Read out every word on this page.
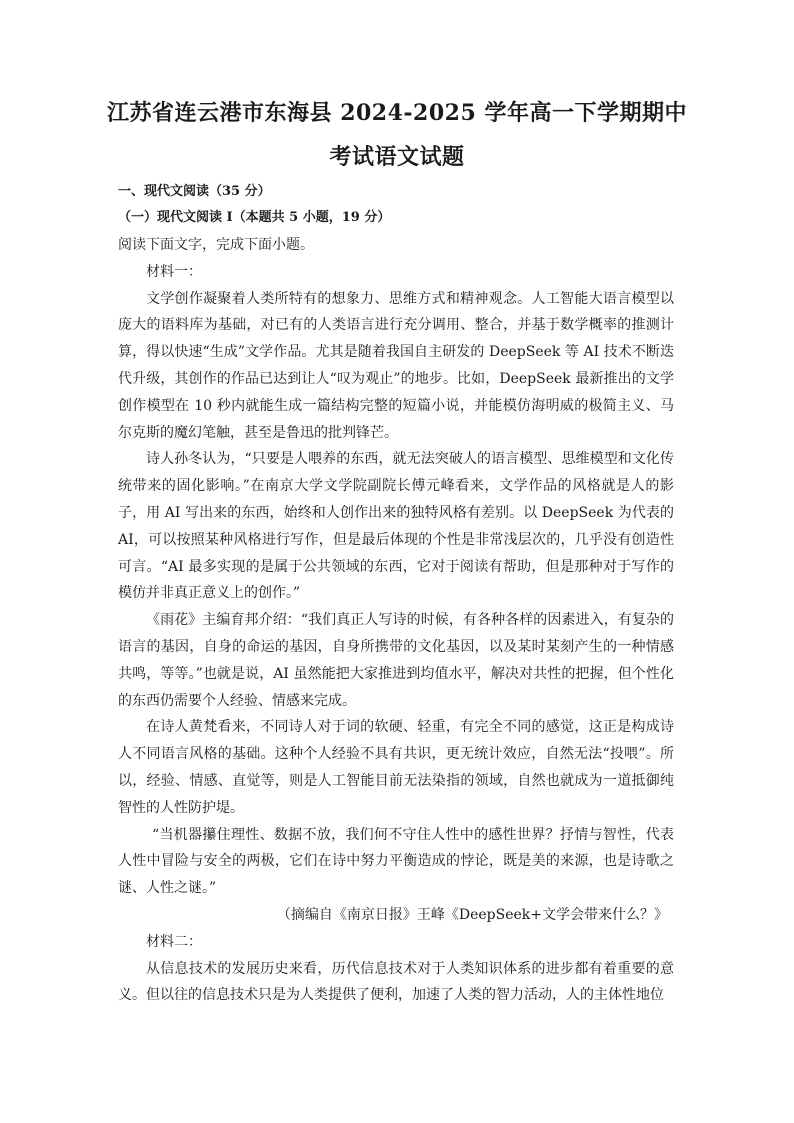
江苏省连云港市东海县 2024-2025 学年高一下学期期中
考试语文试题
一、现代文阅读（35 分）
（一）现代文阅读 I（本题共 5 小题，19 分）

阅读下面文字，完成下面小题。

材料一：

文学创作凝聚着人类所特有的想象力、思维方式和精神观念。人工智能大语言模型以庞大的语料库为基础，对已有的人类语言进行充分调用、整合，并基于数学概率的推测计算，得以快速“生成”文学作品。尤其是随着我国自主研发的 DeepSeek 等 AI 技术不断迭代升级，其创作的作品已达到让人“叹为观止”的地步。比如，DeepSeek 最新推出的文学创作模型在 10 秒内就能生成一篇结构完整的短篇小说，并能模仿海明威的极简主义、马尔克斯的魔幻笔触，甚至是鲁迅的批判锋芒。

诗人孙冬认为，“只要是人喂养的东西，就无法突破人的语言模型、思维模型和文化传统带来的固化影响。”在南京大学文学院副院长傅元峰看来，文学作品的风格就是人的影子，用 AI 写出来的东西，始终和人创作出来的独特风格有差别。以 DeepSeek 为代表的 AI，可以按照某种风格进行写作，但是最后体现的个性是非常浅层次的，几乎没有创造性可言。“AI 最多实现的是属于公共领域的东西，它对于阅读有帮助，但是那种对于写作的模仿并非真正意义上的创作。”

《雨花》主编育邦介绍：“我们真正人写诗的时候，有各种各样的因素进入，有复杂的语言的基因，自身的命运的基因，自身所携带的文化基因，以及某时某刻产生的一种情感共鸣，等等。”也就是说，AI 虽然能把大家推进到均值水平，解决对共性的把握，但个性化的东西仍需要个人经验、情感来完成。

在诗人黄梵看来，不同诗人对于词的软硬、轻重，有完全不同的感觉，这正是构成诗人不同语言风格的基础。这种个人经验不具有共识，更无统计效应，自然无法“投喂”。所以，经验、情感、直觉等，则是人工智能目前无法染指的领域，自然也就成为一道抵御纯智性的人性防护堤。

“当机器攥住理性、数据不放，我们何不守住人性中的感性世界？抒情与智性，代表人性中冒险与安全的两极，它们在诗中努力平衡造成的悖论，既是美的来源，也是诗歌之谜、人性之谜。”

（摘编自《南京日报》王峰《DeepSeek+文学会带来什么？》

材料二：

从信息技术的发展历史来看，历代信息技术对于人类知识体系的进步都有着重要的意义。但以往的信息技术只是为人类提供了便利，加速了人类的智力活动，人的主体性地位
